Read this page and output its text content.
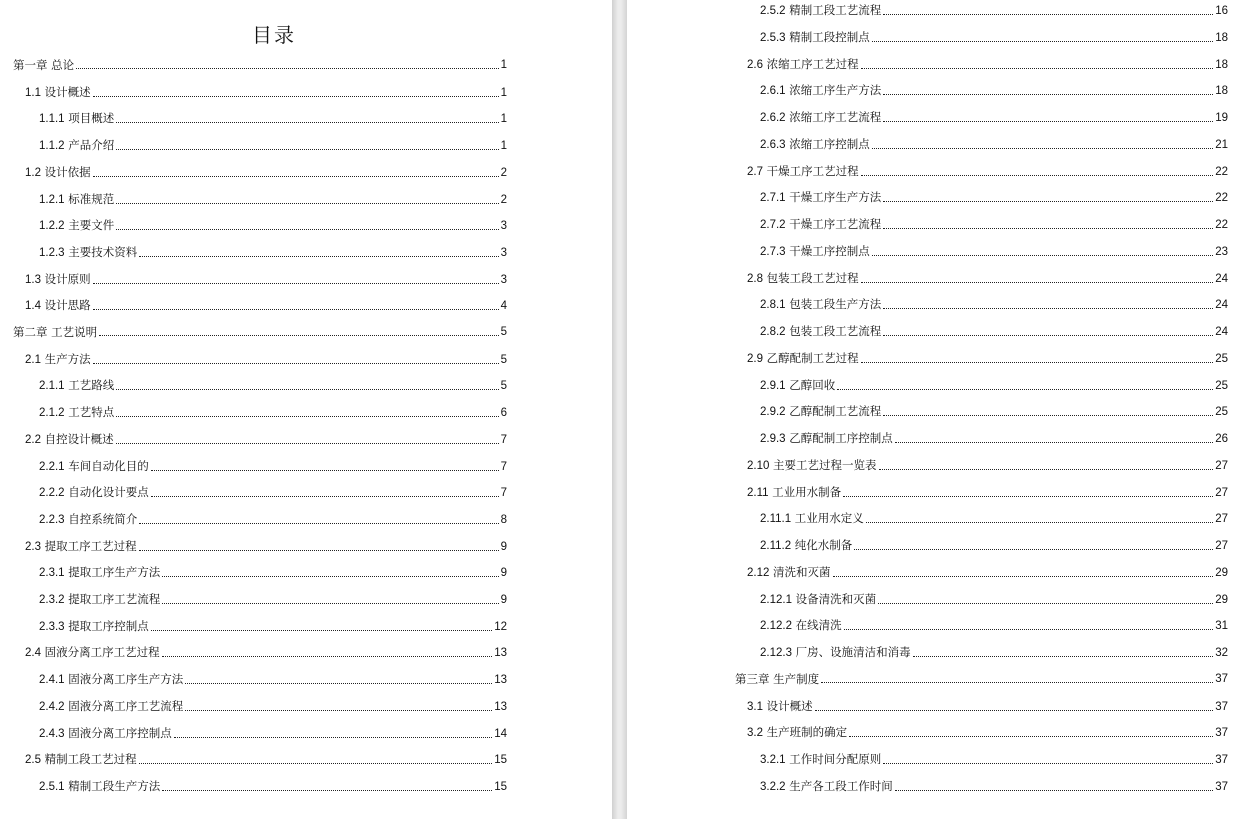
目录
第一章 总论	1
1.1 设计概述	1
1.1.1 项目概述	1
1.1.2 产品介绍	1
1.2 设计依据	2
1.2.1 标准规范	2
1.2.2 主要文件	3
1.2.3 主要技术资料	3
1.3 设计原则	3
1.4 设计思路	4
第二章 工艺说明	5
2.1 生产方法	5
2.1.1 工艺路线	5
2.1.2 工艺特点	6
2.2 自控设计概述	7
2.2.1 车间自动化目的	7
2.2.2 自动化设计要点	7
2.2.3 自控系统简介	8
2.3 提取工序工艺过程	9
2.3.1 提取工序生产方法	9
2.3.2 提取工序工艺流程	9
2.3.3 提取工序控制点	12
2.4 固液分离工序工艺过程	13
2.4.1 固液分离工序生产方法	13
2.4.2 固液分离工序工艺流程	13
2.4.3 固液分离工序控制点	14
2.5 精制工段工艺过程	15
2.5.1 精制工段生产方法	15
2.5.2 精制工段工艺流程	16
2.5.3 精制工段控制点	18
2.6 浓缩工序工艺过程	18
2.6.1 浓缩工序生产方法	18
2.6.2 浓缩工序工艺流程	19
2.6.3 浓缩工序控制点	21
2.7 干燥工序工艺过程	22
2.7.1 干燥工序生产方法	22
2.7.2 干燥工序工艺流程	22
2.7.3 干燥工序控制点	23
2.8 包装工段工艺过程	24
2.8.1 包装工段生产方法	24
2.8.2 包装工段工艺流程	24
2.9 乙醇配制工艺过程	25
2.9.1 乙醇回收	25
2.9.2 乙醇配制工艺流程	25
2.9.3 乙醇配制工序控制点	26
2.10 主要工艺过程一览表	27
2.11 工业用水制备	27
2.11.1 工业用水定义	27
2.11.2 纯化水制备	27
2.12 清洗和灭菌	29
2.12.1 设备清洗和灭菌	29
2.12.2 在线清洗	31
2.12.3 厂房、设施清洁和消毒	32
第三章 生产制度	37
3.1 设计概述	37
3.2 生产班制的确定	37
3.2.1 工作时间分配原则	37
3.2.2 生产各工段工作时间	37
